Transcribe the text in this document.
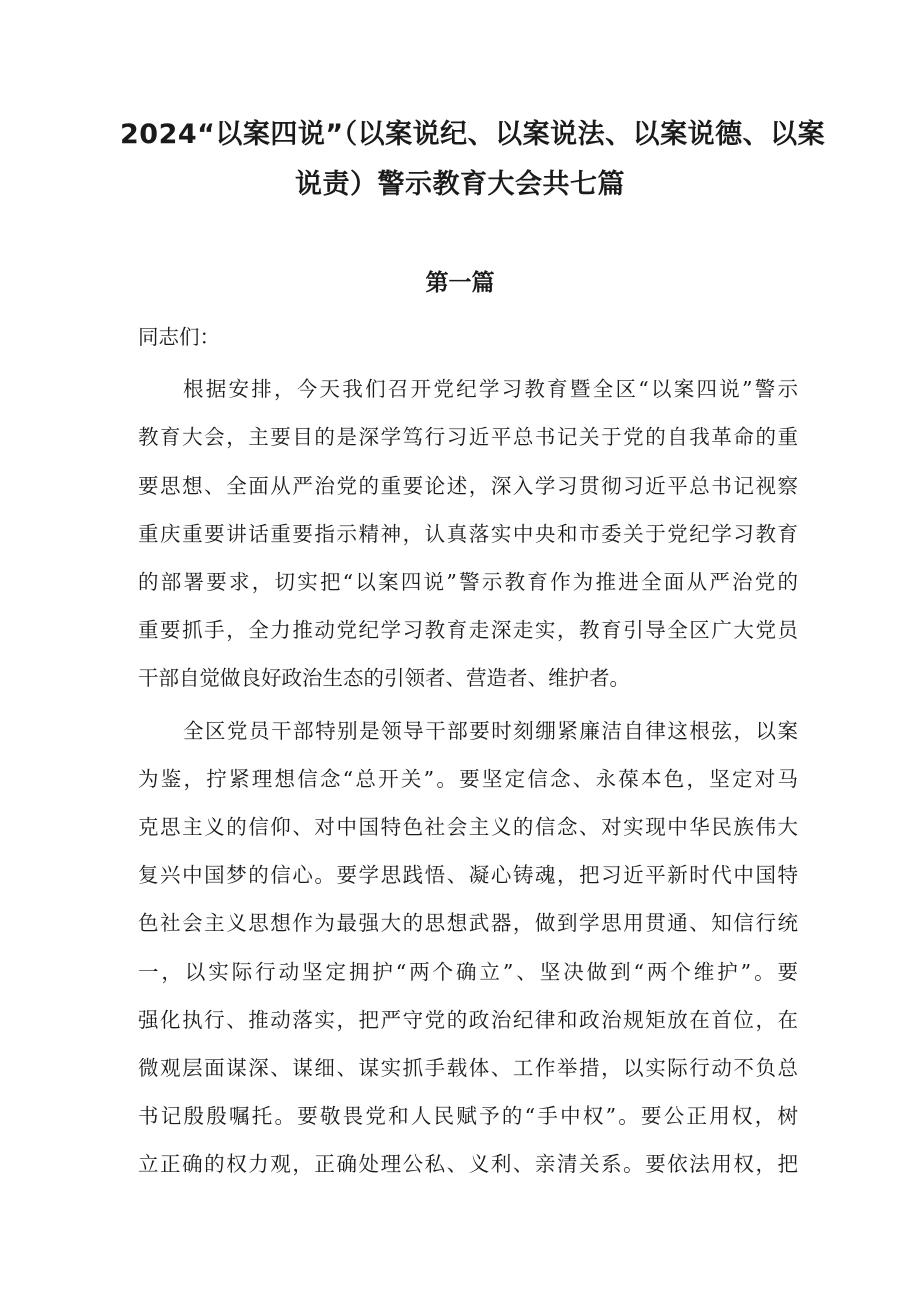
2024“以案四说”（以案说纪、以案说法、以案说德、以案
说责）警示教育大会共七篇
第一篇

同志们：

根据安排，今天我们召开党纪学习教育暨全区“以案四说”警示
教育大会，主要目的是深学笃行习近平总书记关于党的自我革命的重
要思想、全面从严治党的重要论述，深入学习贯彻习近平总书记视察
重庆重要讲话重要指示精神，认真落实中央和市委关于党纪学习教育
的部署要求，切实把“以案四说”警示教育作为推进全面从严治党的
重要抓手，全力推动党纪学习教育走深走实，教育引导全区广大党员
干部自觉做良好政治生态的引领者、营造者、维护者。

全区党员干部特别是领导干部要时刻绷紧廉洁自律这根弦，以案
为鉴，拧紧理想信念“总开关”。要坚定信念、永葆本色，坚定对马
克思主义的信仰、对中国特色社会主义的信念、对实现中华民族伟大
复兴中国梦的信心。要学思践悟、凝心铸魂，把习近平新时代中国特
色社会主义思想作为最强大的思想武器，做到学思用贯通、知信行统
一，以实际行动坚定拥护“两个确立”、坚决做到“两个维护”。要
强化执行、推动落实，把严守党的政治纪律和政治规矩放在首位，在
微观层面谋深、谋细、谋实抓手载体、工作举措，以实际行动不负总
书记殷殷嘱托。要敬畏党和人民赋予的“手中权”。要公正用权，树
立正确的权力观，正确处理公私、义利、亲清关系。要依法用权，把
